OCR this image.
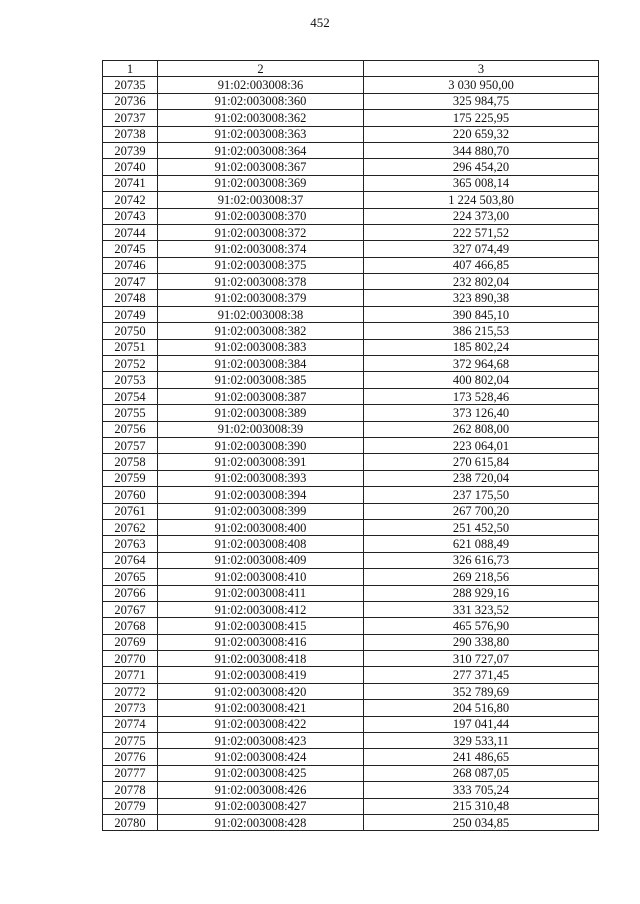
452
1	2	3
20735	91:02:003008:36	3 030 950,00
20736	91:02:003008:360	325 984,75
20737	91:02:003008:362	175 225,95
20738	91:02:003008:363	220 659,32
20739	91:02:003008:364	344 880,70
20740	91:02:003008:367	296 454,20
20741	91:02:003008:369	365 008,14
20742	91:02:003008:37	1 224 503,80
20743	91:02:003008:370	224 373,00
20744	91:02:003008:372	222 571,52
20745	91:02:003008:374	327 074,49
20746	91:02:003008:375	407 466,85
20747	91:02:003008:378	232 802,04
20748	91:02:003008:379	323 890,38
20749	91:02:003008:38	390 845,10
20750	91:02:003008:382	386 215,53
20751	91:02:003008:383	185 802,24
20752	91:02:003008:384	372 964,68
20753	91:02:003008:385	400 802,04
20754	91:02:003008:387	173 528,46
20755	91:02:003008:389	373 126,40
20756	91:02:003008:39	262 808,00
20757	91:02:003008:390	223 064,01
20758	91:02:003008:391	270 615,84
20759	91:02:003008:393	238 720,04
20760	91:02:003008:394	237 175,50
20761	91:02:003008:399	267 700,20
20762	91:02:003008:400	251 452,50
20763	91:02:003008:408	621 088,49
20764	91:02:003008:409	326 616,73
20765	91:02:003008:410	269 218,56
20766	91:02:003008:411	288 929,16
20767	91:02:003008:412	331 323,52
20768	91:02:003008:415	465 576,90
20769	91:02:003008:416	290 338,80
20770	91:02:003008:418	310 727,07
20771	91:02:003008:419	277 371,45
20772	91:02:003008:420	352 789,69
20773	91:02:003008:421	204 516,80
20774	91:02:003008:422	197 041,44
20775	91:02:003008:423	329 533,11
20776	91:02:003008:424	241 486,65
20777	91:02:003008:425	268 087,05
20778	91:02:003008:426	333 705,24
20779	91:02:003008:427	215 310,48
20780	91:02:003008:428	250 034,85
